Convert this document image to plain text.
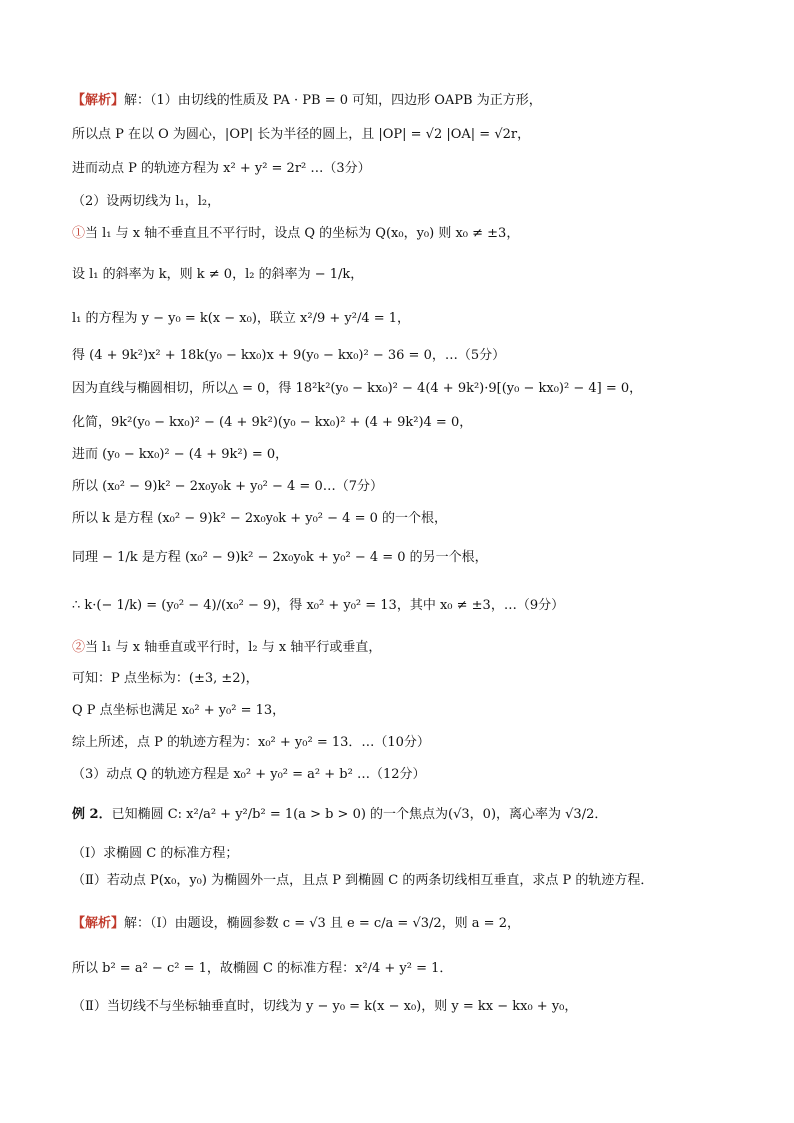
【解析】解：（1）由切线的性质及 PA · PB = 0 可知，四边形 OAPB 为正方形，
所以点 P 在以 O 为圆心，|OP| 长为半径的圆上，且 |OP| = √2 |OA| = √2r，
进而动点 P 的轨迹方程为 x² + y² = 2r² …（3分）
（2）设两切线为 l₁，l₂，
①当 l₁ 与 x 轴不垂直且不平行时，设点 Q 的坐标为 Q(x₀，y₀) 则 x₀ ≠ ±3，
设 l₁ 的斜率为 k，则 k ≠ 0，l₂ 的斜率为 − 1/k，
l₁ 的方程为 y − y₀ = k(x − x₀)，联立 x²/9 + y²/4 = 1，
得 (4 + 9k²)x² + 18k(y₀ − kx₀)x + 9(y₀ − kx₀)² − 36 = 0，…（5分）
因为直线与椭圆相切，所以△ = 0，得 18²k²(y₀ − kx₀)² − 4(4 + 9k²)·9[(y₀ − kx₀)² − 4] = 0，
化简，9k²(y₀ − kx₀)² − (4 + 9k²)(y₀ − kx₀)² + (4 + 9k²)4 = 0，
进而 (y₀ − kx₀)² − (4 + 9k²) = 0，
所以 (x₀² − 9)k² − 2x₀y₀k + y₀² − 4 = 0…（7分）
所以 k 是方程 (x₀² − 9)k² − 2x₀y₀k + y₀² − 4 = 0 的一个根，
同理 − 1/k 是方程 (x₀² − 9)k² − 2x₀y₀k + y₀² − 4 = 0 的另一个根，
∴ k·(− 1/k) = (y₀² − 4)/(x₀² − 9)，得 x₀² + y₀² = 13，其中 x₀ ≠ ±3，…（9分）
②当 l₁ 与 x 轴垂直或平行时，l₂ 与 x 轴平行或垂直，
可知：P 点坐标为：(±3, ±2)，
Q P 点坐标也满足 x₀² + y₀² = 13，
综上所述，点 P 的轨迹方程为：x₀² + y₀² = 13．…（10分）
（3）动点 Q 的轨迹方程是 x₀² + y₀² = a² + b² …（12分）
例 2．已知椭圆 C: x²/a² + y²/b² = 1(a > b > 0) 的一个焦点为(√3，0)，离心率为 √3/2．
（Ⅰ）求椭圆 C 的标准方程；
（Ⅱ）若动点 P(x₀，y₀) 为椭圆外一点，且点 P 到椭圆 C 的两条切线相互垂直，求点 P 的轨迹方程．
【解析】解：（Ⅰ）由题设，椭圆参数 c = √3 且 e = c/a = √3/2，则 a = 2，
所以 b² = a² − c² = 1，故椭圆 C 的标准方程：x²/4 + y² = 1．
（Ⅱ）当切线不与坐标轴垂直时，切线为 y − y₀ = k(x − x₀)，则 y = kx − kx₀ + y₀，
